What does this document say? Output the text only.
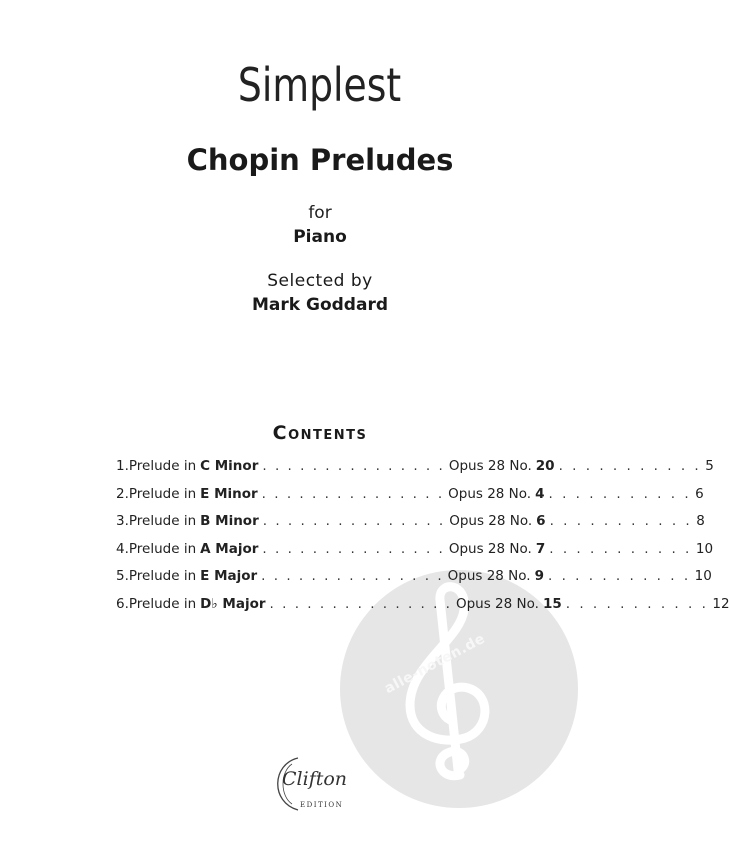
Simplest
Chopin Preludes
for
Piano
Selected by
Mark Goddard
alle-noten.de
Contents
1. Prelude in C Minor . . . . . . . . . . . . . . . Opus 28 No. 20 . . . . . . . . . . . 5
2. Prelude in E Minor . . . . . . . . . . . . . . . Opus 28 No. 4 . . . . . . . . . . . 6
3. Prelude in B Minor . . . . . . . . . . . . . . . Opus 28 No. 6 . . . . . . . . . . . 8
4. Prelude in A Major . . . . . . . . . . . . . . . Opus 28 No. 7 . . . . . . . . . . . 10
5. Prelude in E Major . . . . . . . . . . . . . . . Opus 28 No. 9 . . . . . . . . . . . 10
6. Prelude in D♭ Major . . . . . . . . . . . . . . . Opus 28 No. 15 . . . . . . . . . . . 12
Clifton
EDITION
